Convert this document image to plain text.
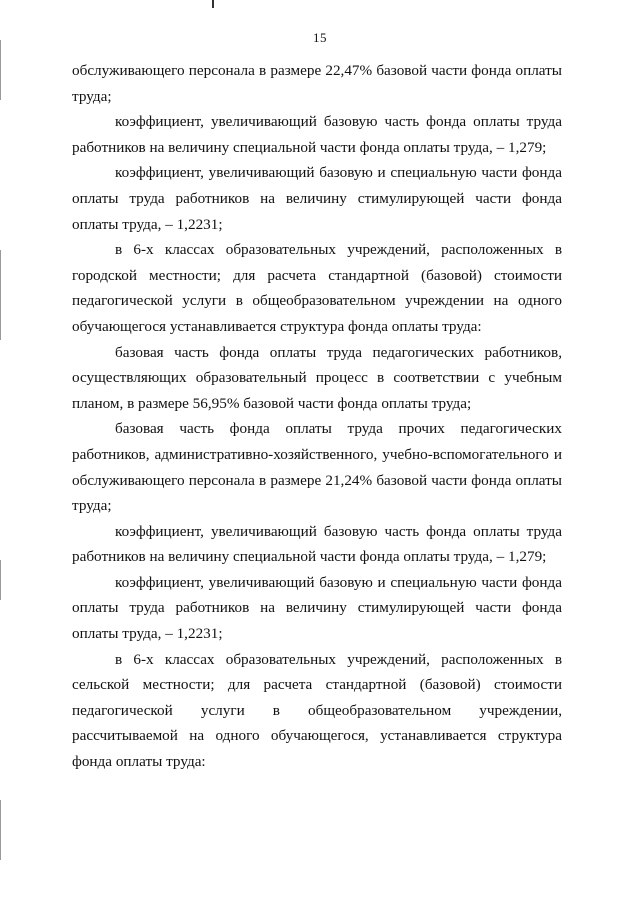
15

обслуживающего персонала в размере 22,47% базовой части фонда оплаты труда;

коэффициент, увеличивающий базовую часть фонда оплаты труда работников на величину специальной части фонда оплаты труда, – 1,279;

коэффициент, увеличивающий базовую и специальную части фонда оплаты труда работников на величину стимулирующей части фонда оплаты труда, – 1,2231;

в 6-х классах образовательных учреждений, расположенных в городской местности; для расчета стандартной (базовой) стоимости педагогической услуги в общеобразовательном учреждении на одного обучающегося устанавливается структура фонда оплаты труда:

базовая часть фонда оплаты труда педагогических работников, осуществляющих образовательный процесс в соответствии с учебным планом, в размере 56,95% базовой части фонда оплаты труда;

базовая часть фонда оплаты труда прочих педагогических работников, административно-хозяйственного, учебно-вспомогательного и обслуживающего персонала в размере 21,24% базовой части фонда оплаты труда;

коэффициент, увеличивающий базовую часть фонда оплаты труда работников на величину специальной части фонда оплаты труда, – 1,279;

коэффициент, увеличивающий базовую и специальную части фонда оплаты труда работников на величину стимулирующей части фонда оплаты труда, – 1,2231;

в 6-х классах образовательных учреждений, расположенных в сельской местности; для расчета стандартной (базовой) стоимости педагогической услуги в общеобразовательном учреждении, рассчитываемой на одного обучающегося, устанавливается структура фонда оплаты труда:
